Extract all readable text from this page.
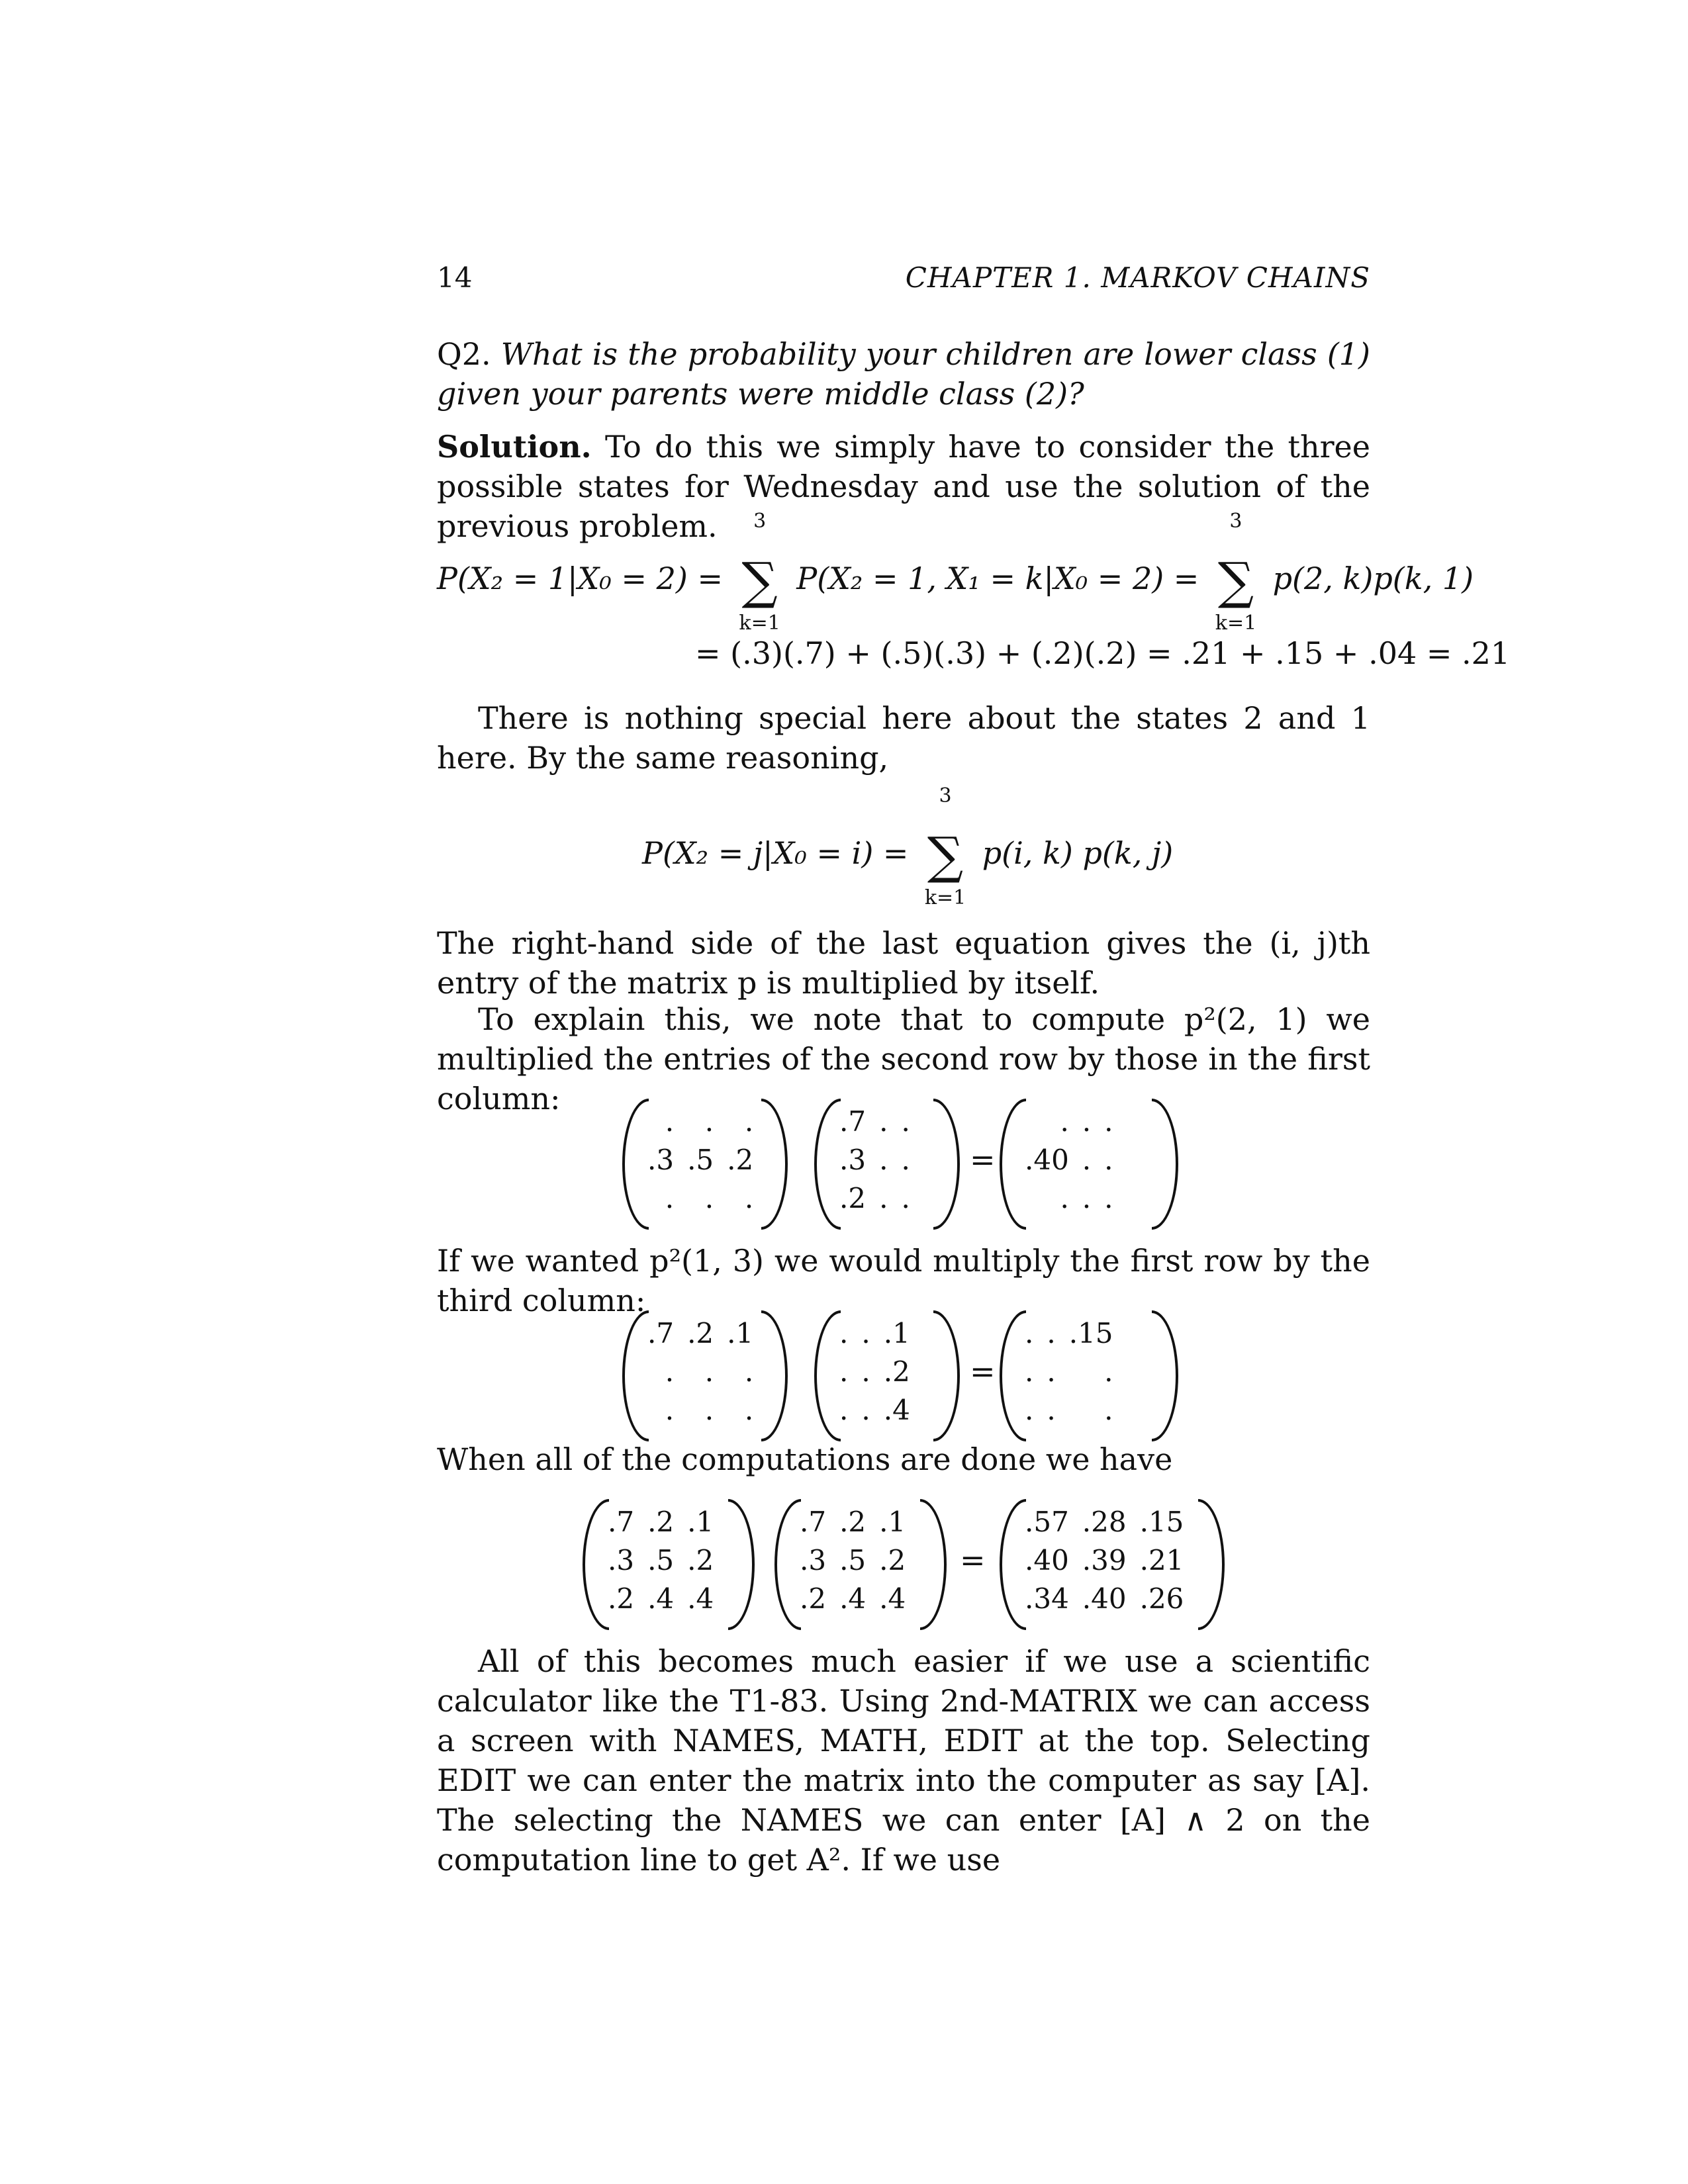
14	CHAPTER 1. MARKOV CHAINS
Q2. What is the probability your children are lower class (1) given your parents were middle class (2)?
Solution. To do this we simply have to consider the three possible states for Wednesday and use the solution of the previous problem.
P(X₂ = 1|X₀ = 2) =
3
∑
k=1
P(X₂ = 1, X₁ = k|X₀ = 2) =
3
∑
k=1
p(2, k)p(k, 1)
= (.3)(.7) + (.5)(.3) + (.2)(.2) = .21 + .15 + .04 = .21
There is nothing special here about the states 2 and 1 here. By the same reasoning,
P(X₂ = j|X₀ = i) =
3
∑
k=1
p(i, k) p(k, j)
The right-hand side of the last equation gives the (i, j)th entry of the matrix p is multiplied by itself.
To explain this, we note that to compute p²(2, 1) we multiplied the entries of the second row by those in the first column:
.	.	.
.3	.5	.2
.	.	.
.7	.	.
.3	.	.
.2	.	.
=
.	.	.
.40	.	.
.	.	.
If we wanted p²(1, 3) we would multiply the first row by the third column:
.7	.2	.1
.	.	.
.	.	.
.	.	.1
.	.	.2
.	.	.4
=
.	.	.15
.	.	.
.	.	.
When all of the computations are done we have
.7	.2	.1
.3	.5	.2
.2	.4	.4
.7	.2	.1
.3	.5	.2
.2	.4	.4
=
.57	.28	.15
.40	.39	.21
.34	.40	.26
All of this becomes much easier if we use a scientific calculator like the T1-83. Using 2nd-MATRIX we can access a screen with NAMES, MATH, EDIT at the top. Selecting EDIT we can enter the matrix into the computer as say [A]. The selecting the NAMES we can enter [A] ∧ 2 on the computation line to get A². If we use
